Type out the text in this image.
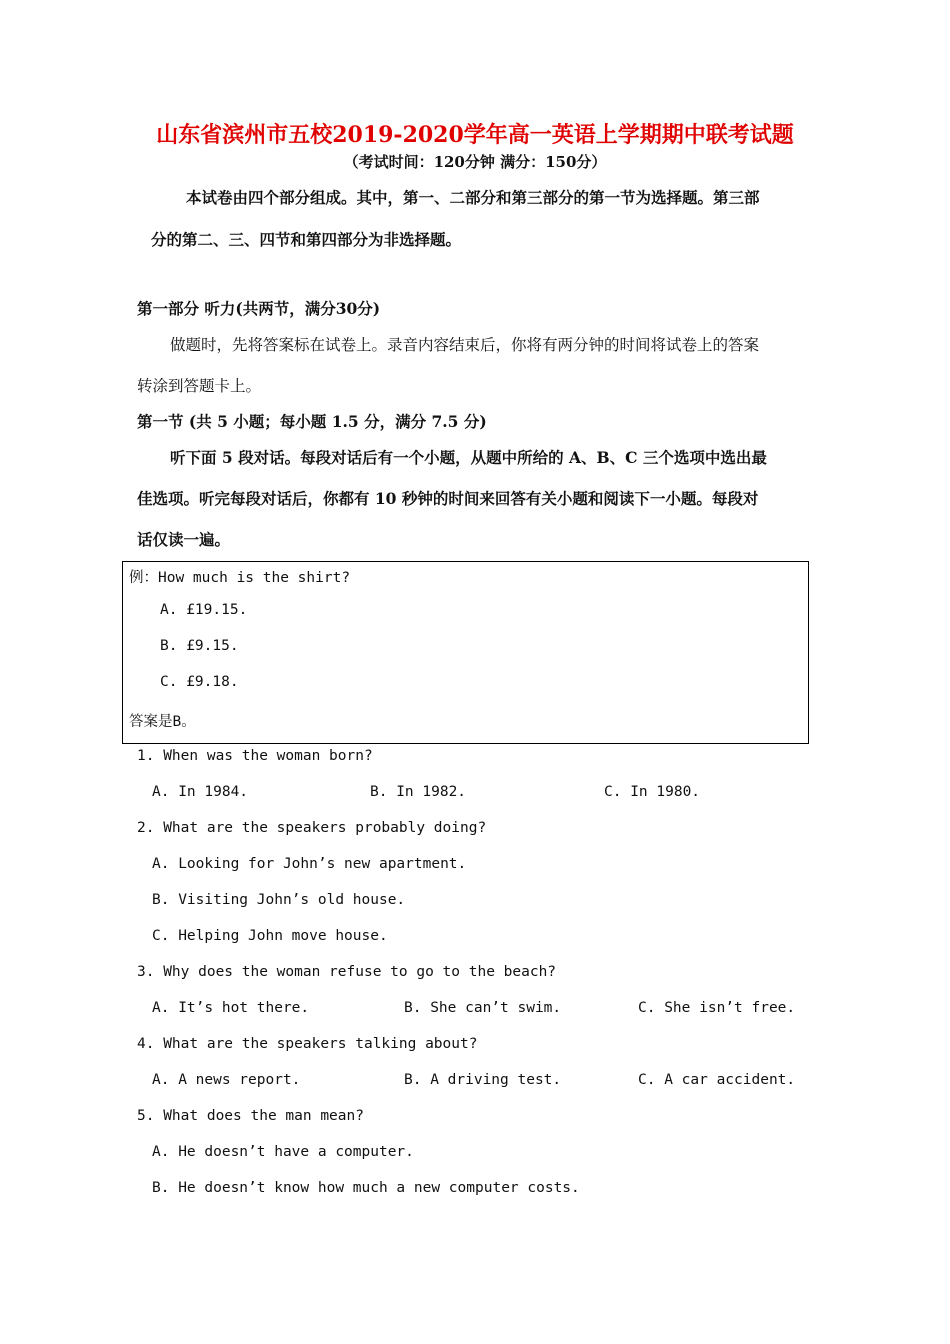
山东省滨州市五校2019-2020学年高一英语上学期期中联考试题
（考试时间：120分钟 满分：150分）
本试卷由四个部分组成。其中，第一、二部分和第三部分的第一节为选择题。第三部
分的第二、三、四节和第四部分为非选择题。
第一部分 听力(共两节，满分30分)
做题时，先将答案标在试卷上。录音内容结束后，你将有两分钟的时间将试卷上的答案
转涂到答题卡上。
第一节 (共 5 小题；每小题 1.5 分，满分 7.5 分)
听下面 5 段对话。每段对话后有一个小题，从题中所给的 A、B、C 三个选项中选出最
佳选项。听完每段对话后，你都有 10 秒钟的时间来回答有关小题和阅读下一小题。每段对
话仅读一遍。
例：How much is the shirt?
A. £19.15.
B. £9.15.
C. £9.18.
答案是B。
1. When was the woman born?
A. In 1984.	B. In 1982.	C. In 1980.
2. What are the speakers probably doing?
A. Looking for John’s new apartment.
B. Visiting John’s old house.
C. Helping John move house.
3. Why does the woman refuse to go to the beach?
A. It’s hot there.	B. She can’t swim.	C. She isn’t free.
4. What are the speakers talking about?
A. A news report.	B. A driving test.	C. A car accident.
5. What does the man mean?
A. He doesn’t have a computer.
B. He doesn’t know how much a new computer costs.
